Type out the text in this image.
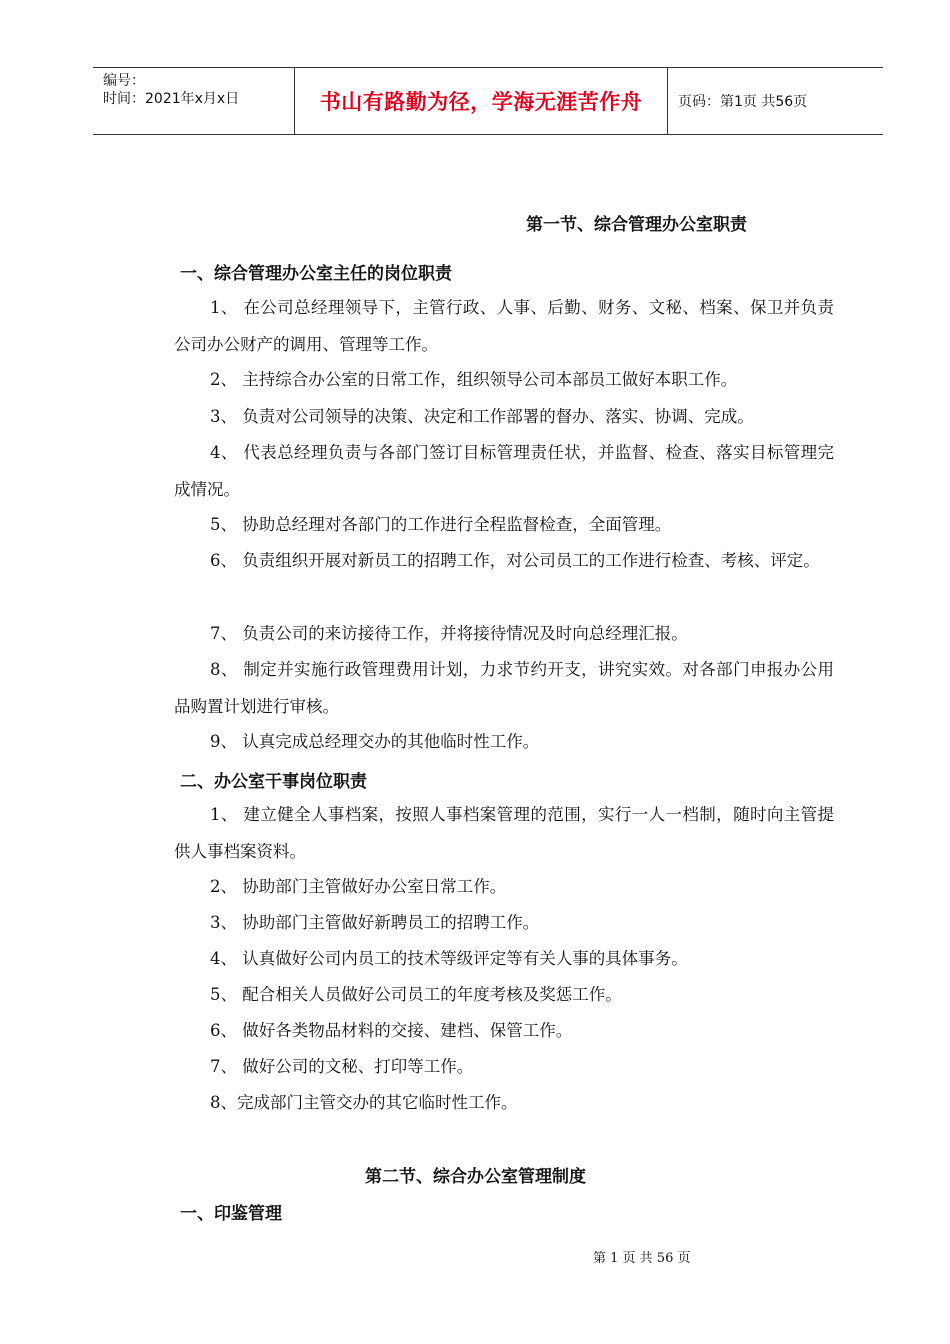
编号：
时间：2021年x月x日	书山有路勤为径，学海无涯苦作舟	页码：第1页 共56页
第一节、综合管理办公室职责
一、综合管理办公室主任的岗位职责

1、 在公司总经理领导下，主管行政、人事、后勤、财务、文秘、档案、保卫并负责公司办公财产的调用、管理等工作。

2、 主持综合办公室的日常工作，组织领导公司本部员工做好本职工作。

3、 负责对公司领导的决策、决定和工作部署的督办、落实、协调、完成。

4、 代表总经理负责与各部门签订目标管理责任状，并监督、检查、落实目标管理完成情况。

5、 协助总经理对各部门的工作进行全程监督检查，全面管理。

6、 负责组织开展对新员工的招聘工作，对公司员工的工作进行检查、考核、评定。

7、 负责公司的来访接待工作，并将接待情况及时向总经理汇报。

8、 制定并实施行政管理费用计划，力求节约开支，讲究实效。对各部门申报办公用品购置计划进行审核。

9、 认真完成总经理交办的其他临时性工作。

二、办公室干事岗位职责

1、 建立健全人事档案，按照人事档案管理的范围，实行一人一档制，随时向主管提供人事档案资料。

2、 协助部门主管做好办公室日常工作。

3、 协助部门主管做好新聘员工的招聘工作。

4、 认真做好公司内员工的技术等级评定等有关人事的具体事务。

5、 配合相关人员做好公司员工的年度考核及奖惩工作。

6、 做好各类物品材料的交接、建档、保管工作。

7、 做好公司的文秘、打印等工作。

8、完成部门主管交办的其它临时性工作。

第二节、综合办公室管理制度
一、印鉴管理
第 1 页 共 56 页
